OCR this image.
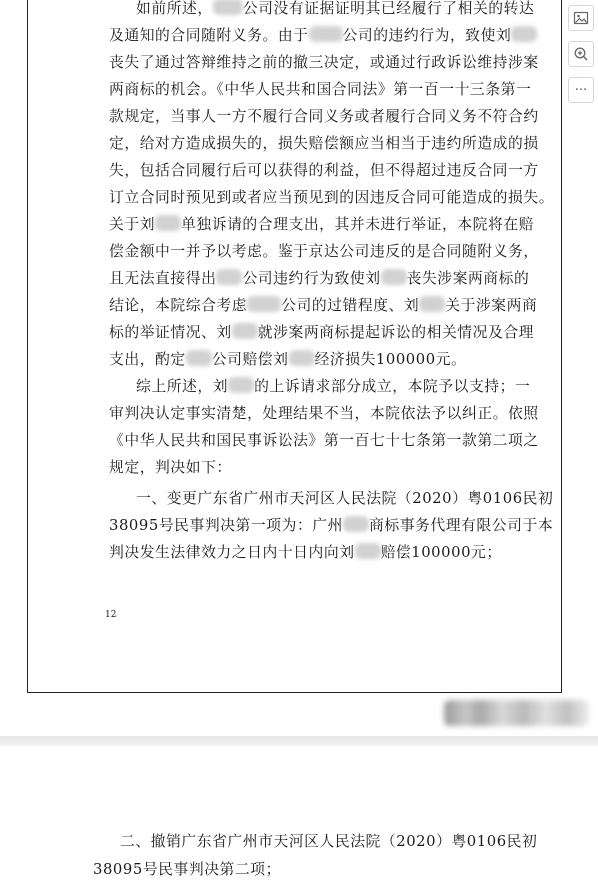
如前所述， 公司没有证据证明其已经履行了相关的转达
及通知的合同随附义务。由于 公司的违约行为，致使刘
丧失了通过答辩维持之前的撤三决定，或通过行政诉讼维持涉案
两商标的机会。《中华人民共和国合同法》第一百一十三条第一
款规定，当事人一方不履行合同义务或者履行合同义务不符合约
定，给对方造成损失的，损失赔偿额应当相当于违约所造成的损
失，包括合同履行后可以获得的利益，但不得超过违反合同一方
订立合同时预见到或者应当预见到的因违反合同可能造成的损失。
关于刘 单独诉请的合理支出，其并未进行举证，本院将在赔
偿金额中一并予以考虑。鉴于京达公司违反的是合同随附义务，
且无法直接得出 公司违约行为致使刘 丧失涉案两商标的
结论，本院综合考虑 公司的过错程度、刘 关于涉案两商
标的举证情况、刘 就涉案两商标提起诉讼的相关情况及合理
支出，酌定 公司赔偿刘 经济损失100000元。
综上所述，刘 的上诉请求部分成立，本院予以支持；一
审判决认定事实清楚，处理结果不当，本院依法予以纠正。依照
《中华人民共和国民事诉讼法》第一百七十七条第一款第二项之
规定，判决如下：
一、变更广东省广州市天河区人民法院（2020）粤0106民初
38095号民事判决第一项为：广州 商标事务代理有限公司于本
判决发生法律效力之日内十日内向刘 赔偿100000元；
12
···
二、撤销广东省广州市天河区人民法院（2020）粤0106民初
38095号民事判决第二项；
